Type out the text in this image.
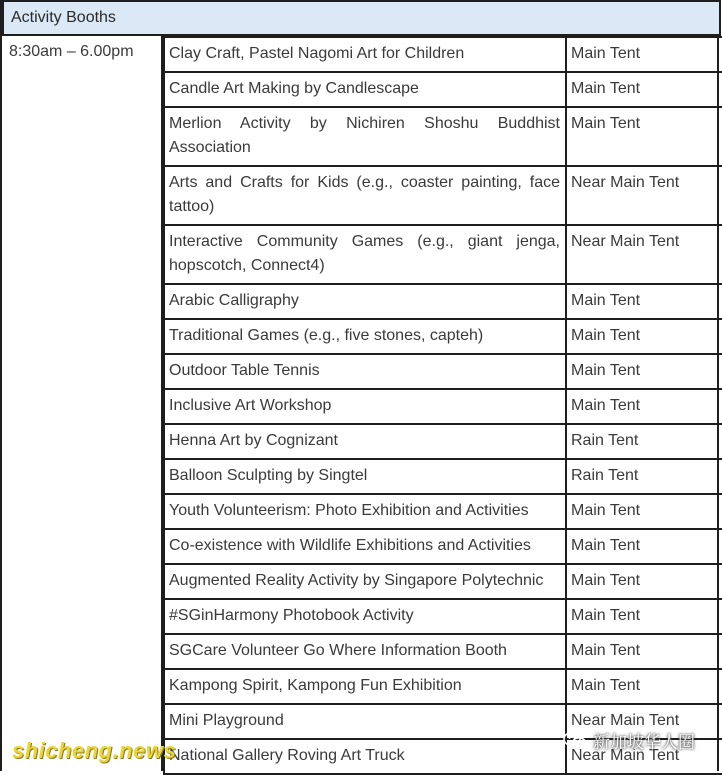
Activity Booths
8:30am – 6.00pm	Clay Craft, Pastel Nagomi Art for Children	Main Tent
Candle Art Making by Candlescape	Main Tent
Merlion Activity by Nichiren Shoshu Buddhist Association	Main Tent
Arts and Crafts for Kids (e.g., coaster painting, face tattoo)	Near Main Tent
Interactive Community Games (e.g., giant jenga, hopscotch, Connect4)	Near Main Tent
Arabic Calligraphy	Main Tent
Traditional Games (e.g., five stones, capteh)	Main Tent
Outdoor Table Tennis	Main Tent
Inclusive Art Workshop	Main Tent
Henna Art by Cognizant	Rain Tent
Balloon Sculpting by Singtel	Rain Tent
Youth Volunteerism: Photo Exhibition and Activities	Main Tent
Co-existence with Wildlife Exhibitions and Activities	Main Tent
Augmented Reality Activity by Singapore Polytechnic	Main Tent
#SGinHarmony Photobook Activity	Main Tent
SGCare Volunteer Go Where Information Booth	Main Tent
Kampong Spirit, Kampong Fun Exhibition	Main Tent
Mini Playground	Near Main Tent
National Gallery Roving Art Truck	Near Main Tent
shicheng.news	新加坡华人圈
